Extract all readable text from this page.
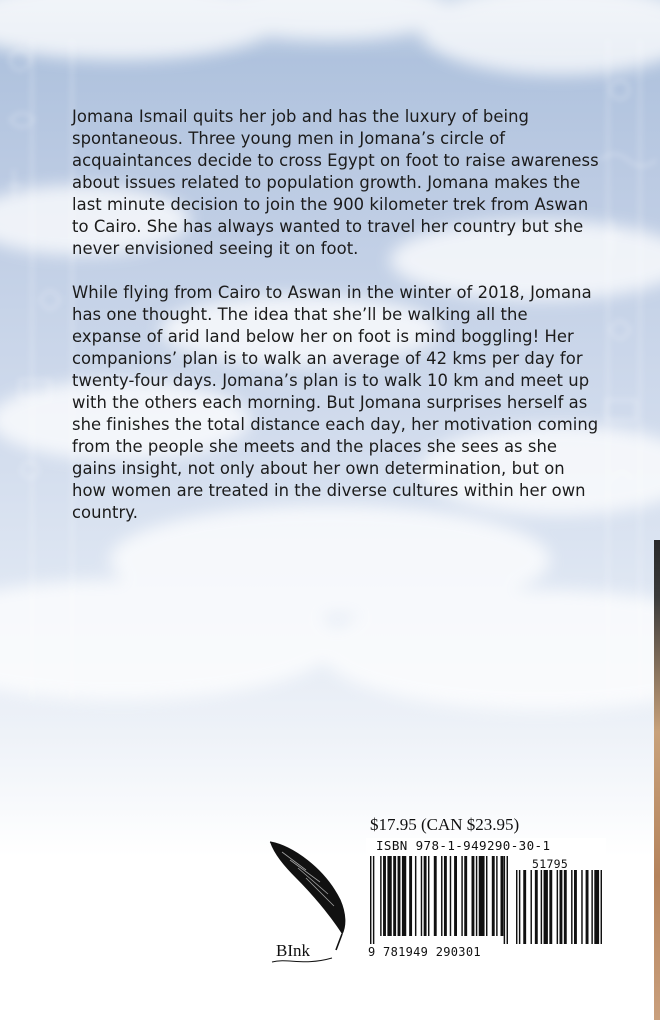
Jomana Ismail quits her job and has the luxury of being spontaneous. Three young men in Jomana’s circle of acquaintances decide to cross Egypt on foot to raise awareness about issues related to population growth. Jomana makes the last minute decision to join the 900 kilometer trek from Aswan to Cairo. She has always wanted to travel her country but she never envisioned seeing it on foot.

While flying from Cairo to Aswan in the winter of 2018, Jomana has one thought. The idea that she’ll be walking all the expanse of arid land below her on foot is mind boggling! Her companions’ plan is to walk an average of 42 kms per day for twenty-four days. Jomana’s plan is to walk 10 km and meet up with the others each morning. But Jomana surprises herself as she finishes the total distance each day, her motivation coming from the people she meets and the places she sees as she gains insight, not only about her own determination, but on how women are treated in the diverse cultures within her own country.

BInk
$17.95 (CAN $23.95)
ISBN 978-1-949290-30-1
51795
9 781949 290301
